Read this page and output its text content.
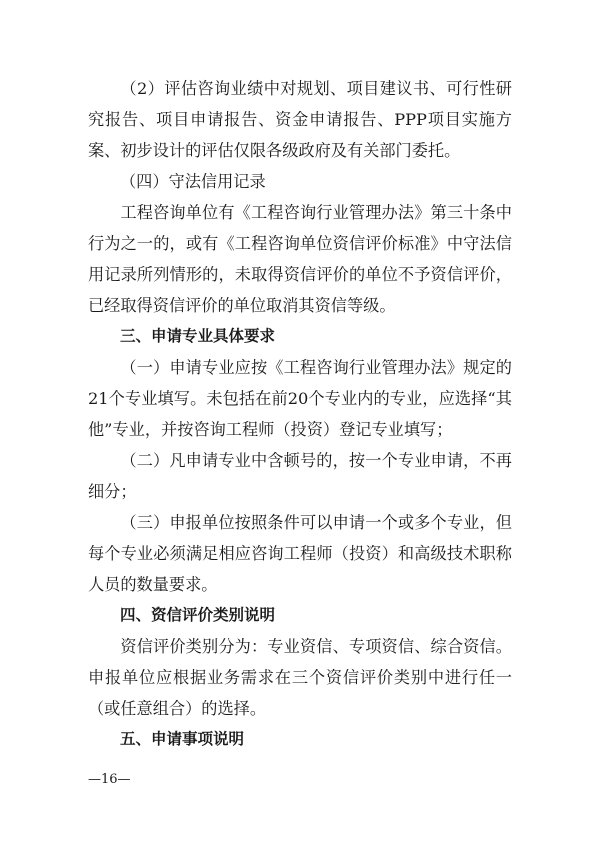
（2）评估咨询业绩中对规划、项目建议书、可行性研究报告、项目申请报告、资金申请报告、PPP项目实施方案、初步设计的评估仅限各级政府及有关部门委托。

（四）守法信用记录

工程咨询单位有《工程咨询行业管理办法》第三十条中行为之一的，或有《工程咨询单位资信评价标准》中守法信用记录所列情形的，未取得资信评价的单位不予资信评价，已经取得资信评价的单位取消其资信等级。

三、申请专业具体要求

（一）申请专业应按《工程咨询行业管理办法》规定的21个专业填写。未包括在前20个专业内的专业，应选择“其他”专业，并按咨询工程师（投资）登记专业填写；

（二）凡申请专业中含顿号的，按一个专业申请，不再细分；

（三）申报单位按照条件可以申请一个或多个专业，但每个专业必须满足相应咨询工程师（投资）和高级技术职称人员的数量要求。

四、资信评价类别说明

资信评价类别分为：专业资信、专项资信、综合资信。申报单位应根据业务需求在三个资信评价类别中进行任一（或任意组合）的选择。

五、申请事项说明

—16—
